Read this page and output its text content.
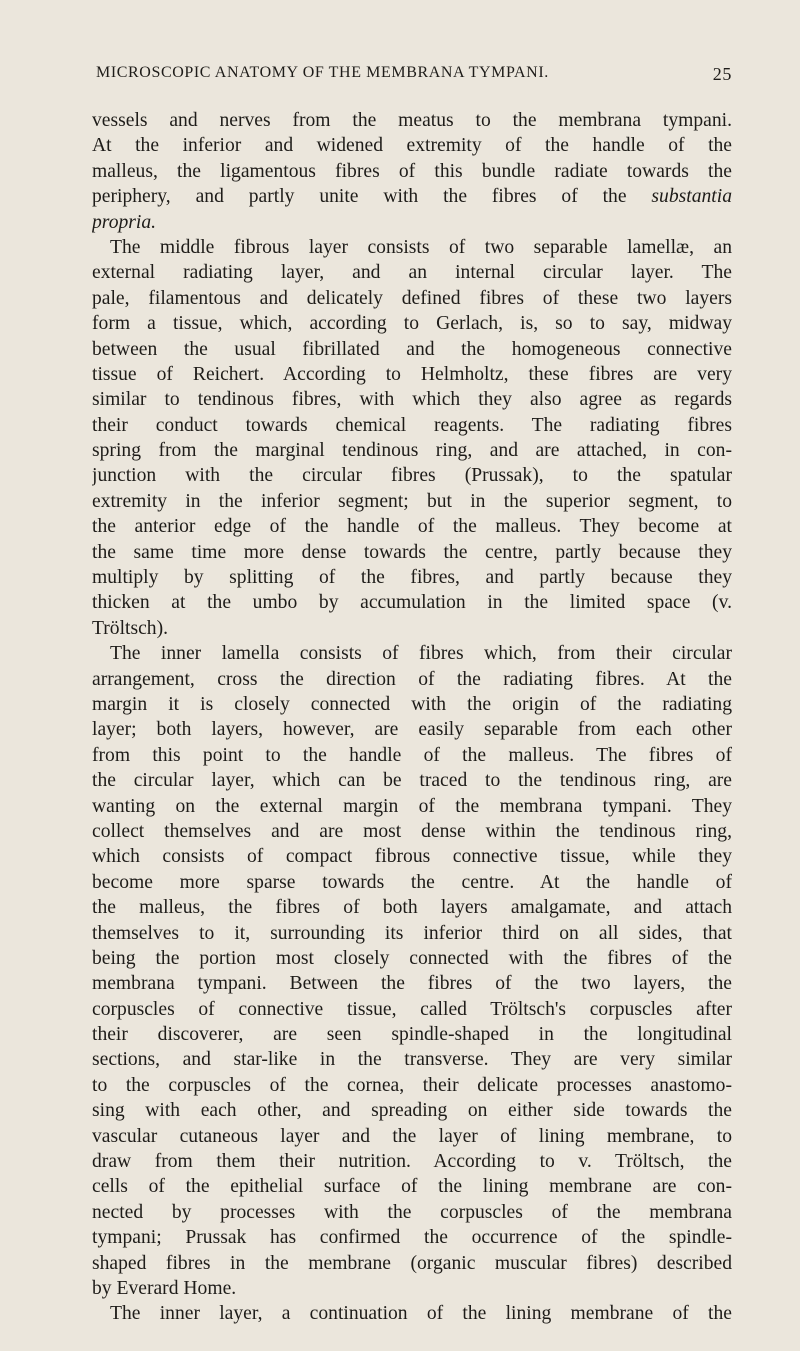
MICROSCOPIC ANATOMY OF THE MEMBRANA TYMPANI.	25
vessels and nerves from the meatus to the membrana tympani.
At the inferior and widened extremity of the handle of the
malleus, the ligamentous fibres of this bundle radiate towards the
periphery, and partly unite with the fibres of the substantia
propria.
The middle fibrous layer consists of two separable lamellæ, an
external radiating layer, and an internal circular layer. The
pale, filamentous and delicately defined fibres of these two layers
form a tissue, which, according to Gerlach, is, so to say, midway
between the usual fibrillated and the homogeneous connective
tissue of Reichert. According to Helmholtz, these fibres are very
similar to tendinous fibres, with which they also agree as regards
their conduct towards chemical reagents. The radiating fibres
spring from the marginal tendinous ring, and are attached, in con-
junction with the circular fibres (Prussak), to the spatular
extremity in the inferior segment; but in the superior segment, to
the anterior edge of the handle of the malleus. They become at
the same time more dense towards the centre, partly because they
multiply by splitting of the fibres, and partly because they
thicken at the umbo by accumulation in the limited space (v.
Tröltsch).
The inner lamella consists of fibres which, from their circular
arrangement, cross the direction of the radiating fibres. At the
margin it is closely connected with the origin of the radiating
layer; both layers, however, are easily separable from each other
from this point to the handle of the malleus. The fibres of
the circular layer, which can be traced to the tendinous ring, are
wanting on the external margin of the membrana tympani. They
collect themselves and are most dense within the tendinous ring,
which consists of compact fibrous connective tissue, while they
become more sparse towards the centre. At the handle of
the malleus, the fibres of both layers amalgamate, and attach
themselves to it, surrounding its inferior third on all sides, that
being the portion most closely connected with the fibres of the
membrana tympani. Between the fibres of the two layers, the
corpuscles of connective tissue, called Tröltsch's corpuscles after
their discoverer, are seen spindle-shaped in the longitudinal
sections, and star-like in the transverse. They are very similar
to the corpuscles of the cornea, their delicate processes anastomo-
sing with each other, and spreading on either side towards the
vascular cutaneous layer and the layer of lining membrane, to
draw from them their nutrition. According to v. Tröltsch, the
cells of the epithelial surface of the lining membrane are con-
nected by processes with the corpuscles of the membrana
tympani; Prussak has confirmed the occurrence of the spindle-
shaped fibres in the membrane (organic muscular fibres) described
by Everard Home.
The inner layer, a continuation of the lining membrane of the
